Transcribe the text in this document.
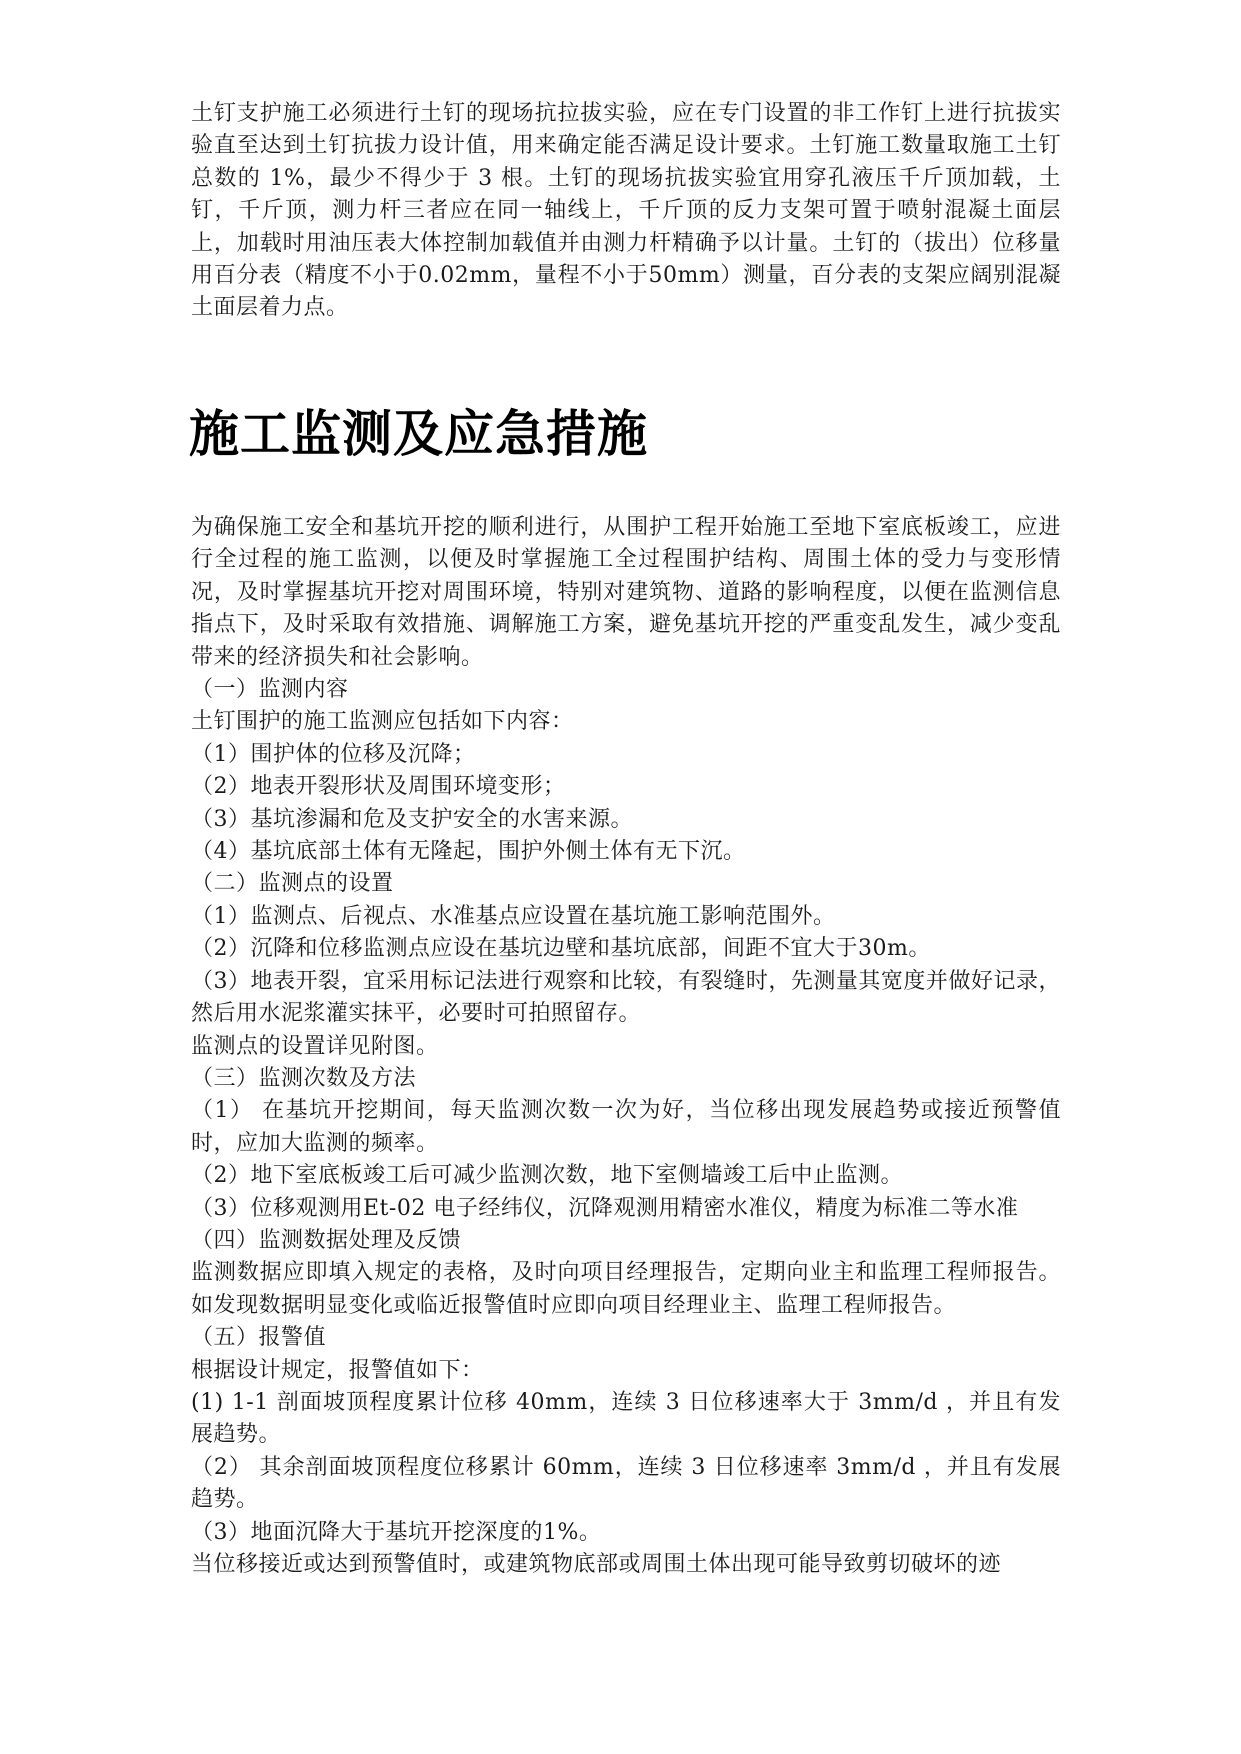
土钉支护施工必须进行土钉的现场抗拉拔实验，应在专门设置的非工作钉上进行抗拔实验直至达到土钉抗拔力设计值，用来确定能否满足设计要求。土钉施工数量取施工土钉总数的 1%，最少不得少于 3 根。土钉的现场抗拔实验宜用穿孔液压千斤顶加载，土钉，千斤顶，测力杆三者应在同一轴线上，千斤顶的反力支架可置于喷射混凝土面层上，加载时用油压表大体控制加载值并由测力杆精确予以计量。土钉的（拔出）位移量用百分表（精度不小于0.02mm，量程不小于50mm）测量，百分表的支架应阔别混凝土面层着力点。

施工监测及应急措施

为确保施工安全和基坑开挖的顺利进行，从围护工程开始施工至地下室底板竣工，应进行全过程的施工监测，以便及时掌握施工全过程围护结构、周围土体的受力与变形情况，及时掌握基坑开挖对周围环境，特别对建筑物、道路的影响程度，以便在监测信息指点下，及时采取有效措施、调解施工方案，避免基坑开挖的严重变乱发生，减少变乱带来的经济损失和社会影响。

（一）监测内容

土钉围护的施工监测应包括如下内容：

（1）围护体的位移及沉降；

（2）地表开裂形状及周围环境变形；

（3）基坑渗漏和危及支护安全的水害来源。

（4）基坑底部土体有无隆起，围护外侧土体有无下沉。

（二）监测点的设置

（1）监测点、后视点、水准基点应设置在基坑施工影响范围外。

（2）沉降和位移监测点应设在基坑边壁和基坑底部，间距不宜大于30m。

（3）地表开裂，宜采用标记法进行观察和比较，有裂缝时，先测量其宽度并做好记录，然后用水泥浆灌实抹平，必要时可拍照留存。

监测点的设置详见附图。

（三）监测次数及方法

（1） 在基坑开挖期间，每天监测次数一次为好，当位移出现发展趋势或接近预警值时，应加大监测的频率。

（2）地下室底板竣工后可减少监测次数，地下室侧墙竣工后中止监测。

（3）位移观测用Et-02 电子经纬仪，沉降观测用精密水准仪，精度为标准二等水准

（四）监测数据处理及反馈

监测数据应即填入规定的表格，及时向项目经理报告，定期向业主和监理工程师报告。如发现数据明显变化或临近报警值时应即向项目经理业主、监理工程师报告。

（五）报警值

根据设计规定，报警值如下：

(1) 1-1 剖面坡顶程度累计位移 40mm，连续 3 日位移速率大于 3mm/d ，并且有发展趋势。

（2） 其余剖面坡顶程度位移累计 60mm，连续 3 日位移速率 3mm/d ，并且有发展趋势。

（3）地面沉降大于基坑开挖深度的1%。

当位移接近或达到预警值时，或建筑物底部或周围土体出现可能导致剪切破坏的迹
